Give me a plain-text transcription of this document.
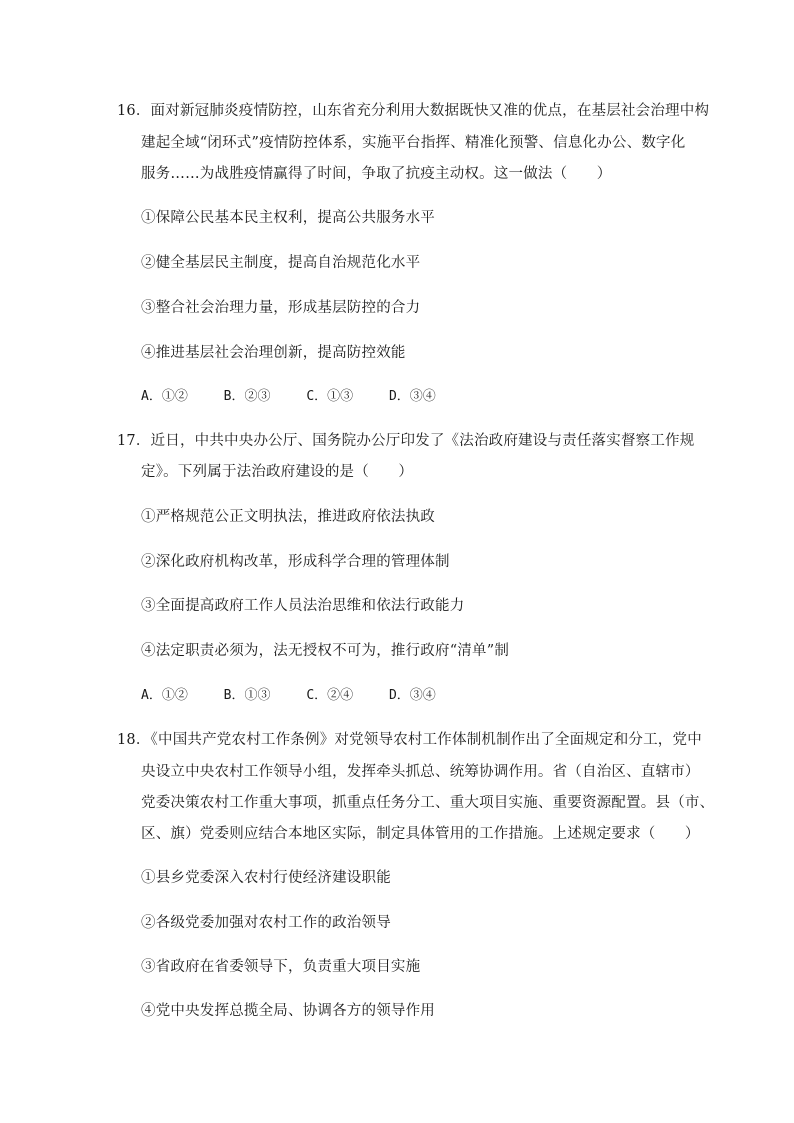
16．面对新冠肺炎疫情防控，山东省充分利用大数据既快又准的优点，在基层社会治理中构
建起全域“闭环式”疫情防控体系，实施平台指挥、精准化预警、信息化办公、数字化
服务……为战胜疫情赢得了时间，争取了抗疫主动权。这一做法（　　）
①保障公民基本民主权利，提高公共服务水平
②健全基层民主制度，提高自治规范化水平
③整合社会治理力量，形成基层防控的合力
④推进基层社会治理创新，提高防控效能
A．①②	B．②③	C．①③	D．③④
17．近日，中共中央办公厅、国务院办公厅印发了《法治政府建设与责任落实督察工作规
定》。下列属于法治政府建设的是（　　）
①严格规范公正文明执法，推进政府依法执政
②深化政府机构改革，形成科学合理的管理体制
③全面提高政府工作人员法治思维和依法行政能力
④法定职责必须为，法无授权不可为，推行政府“清单”制
A．①②	B．①③	C．②④	D．③④
18．《中国共产党农村工作条例》对党领导农村工作体制机制作出了全面规定和分工，党中
央设立中央农村工作领导小组，发挥牵头抓总、统筹协调作用。省（自治区、直辖市）
党委决策农村工作重大事项，抓重点任务分工、重大项目实施、重要资源配置。县（市、
区、旗）党委则应结合本地区实际，制定具体管用的工作措施。上述规定要求（　　）
①县乡党委深入农村行使经济建设职能
②各级党委加强对农村工作的政治领导
③省政府在省委领导下，负责重大项目实施
④党中央发挥总揽全局、协调各方的领导作用
